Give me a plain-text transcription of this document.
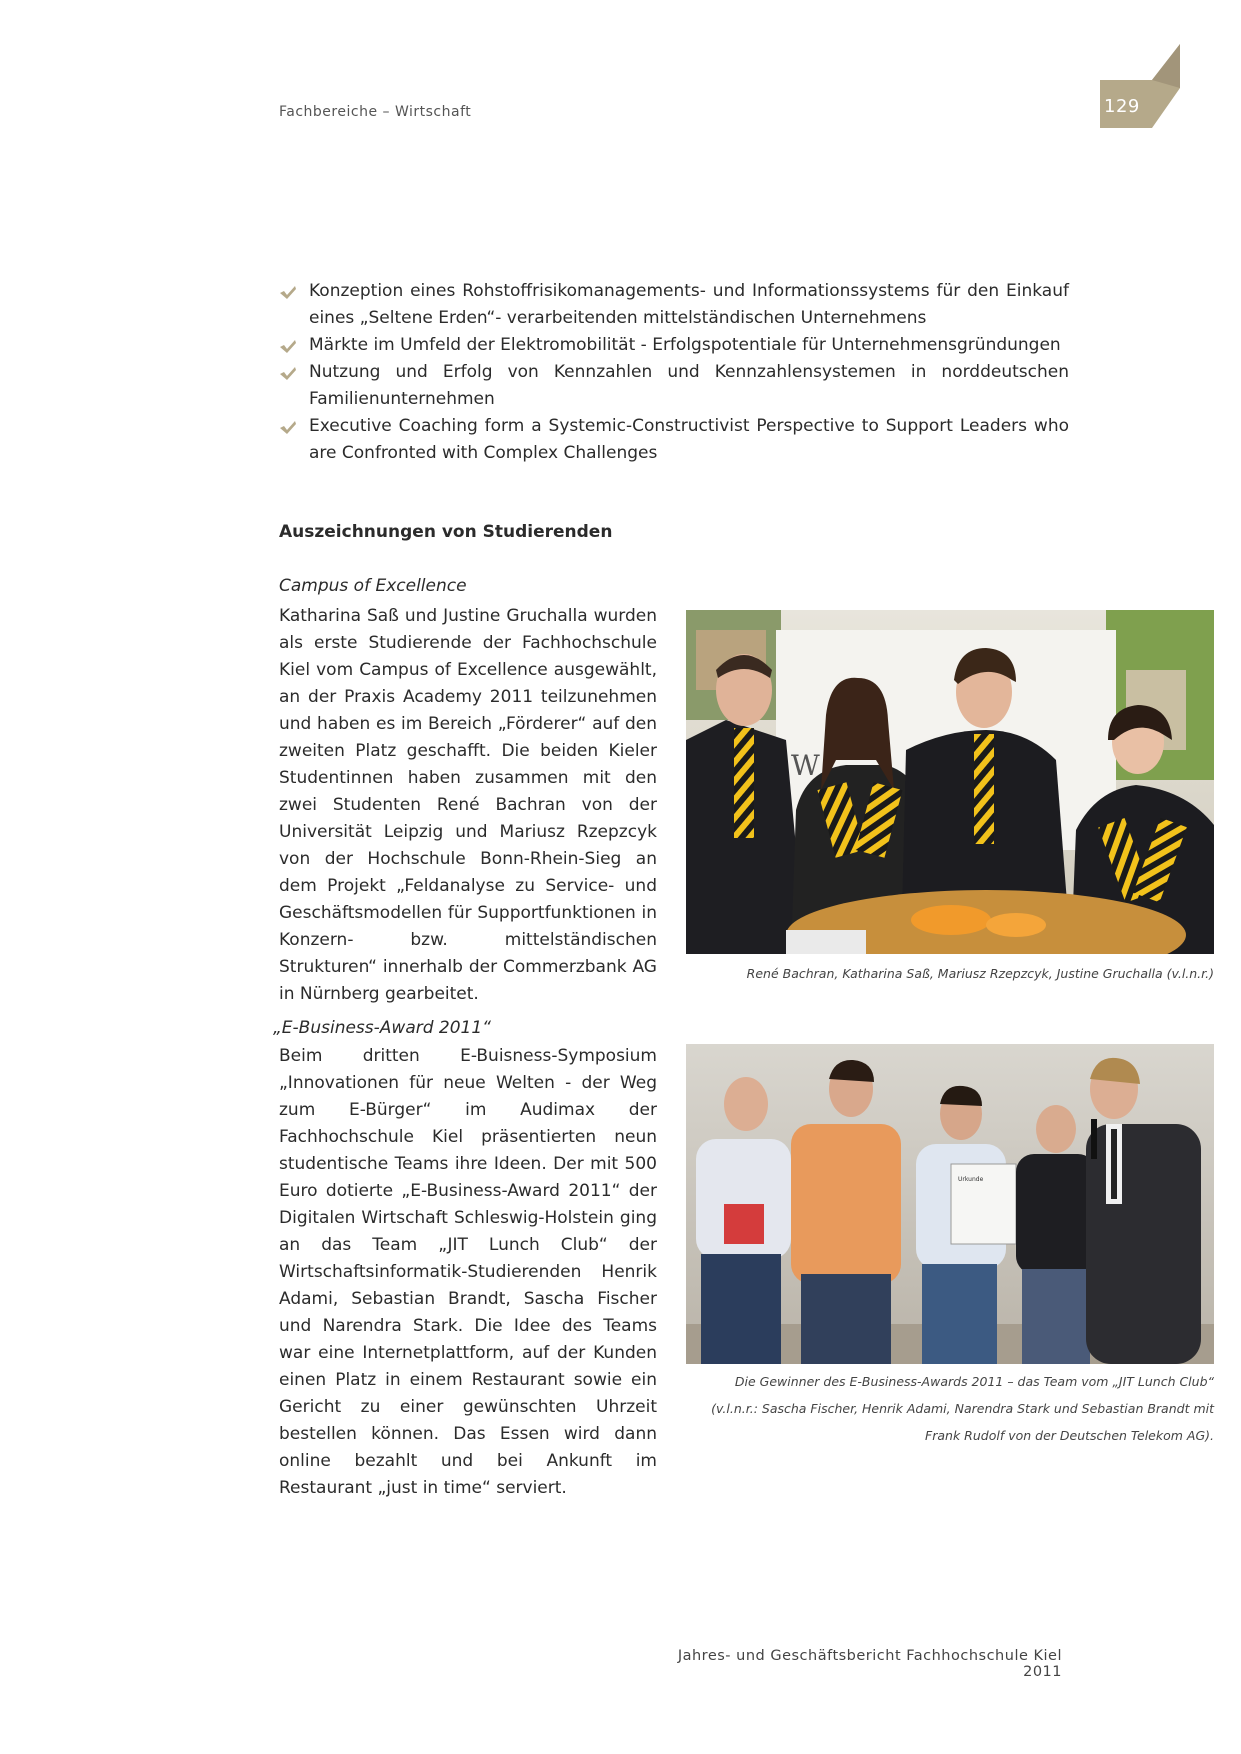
Fachbereiche – Wirtschaft	129
Konzeption eines Rohstoffrisikomanagements- und Informationssystems für den Einkauf eines „Seltene Erden“- verarbeitenden mittelständischen Unternehmens
Märkte im Umfeld der Elektromobilität - Erfolgspotentiale für Unternehmensgründungen
Nutzung und Erfolg von Kennzahlen und Kennzahlensystemen in norddeutschen Familienunternehmen
Executive Coaching form a Systemic-Constructivist Perspective to Support Leaders who are Confronted with Complex Challenges
Auszeichnungen von Studierenden
Campus of Excellence
Katharina Saß und Justine Gruchalla wurden als erste Studierende der Fachhochschule Kiel vom Campus of Excellence ausgewählt, an der Praxis Academy 2011 teilzunehmen und haben es im Bereich „Förderer“ auf den zweiten Platz geschafft. Die beiden Kieler Studentinnen haben zusammen mit den zwei Studenten René Bachran von der Universität Leipzig und Mariusz Rzepzcyk von der Hochschule Bonn-Rhein-Sieg an dem Projekt „Feldanalyse zu Service- und Geschäftsmodellen für Supportfunktionen in Konzern- bzw. mittelständischen Strukturen“ innerhalb der Commerzbank AG in Nürnberg gearbeitet.
W
René Bachran, Katharina Saß, Mariusz Rzepzcyk, Justine Gruchalla (v.l.n.r.)
„E-Business-Award 2011“
Beim dritten E-Buisness-Symposium „Innovationen für neue Welten - der Weg zum E-Bürger“ im Audimax der Fachhochschule Kiel präsentierten neun studentische Teams ihre Ideen. Der mit 500 Euro dotierte „E-Business-Award 2011“ der Digitalen Wirtschaft Schleswig-Holstein ging an das Team „JIT Lunch Club“ der Wirtschaftsinformatik-Studierenden Henrik Adami, Sebastian Brandt, Sascha Fischer und Narendra Stark. Die Idee des Teams war eine Internetplattform, auf der Kunden einen Platz in einem Restaurant sowie ein Gericht zu einer gewünschten Uhrzeit bestellen können. Das Essen wird dann online bezahlt und bei Ankunft im Restaurant „just in time“ serviert.
Urkunde
Die Gewinner des E-Business-Awards 2011 – das Team vom „JIT Lunch Club“ (v.l.n.r.: Sascha Fischer, Henrik Adami, Narendra Stark und Sebastian Brandt mit Frank Rudolf von der Deutschen Telekom AG).
Jahres- und Geschäftsbericht Fachhochschule Kiel 2011
